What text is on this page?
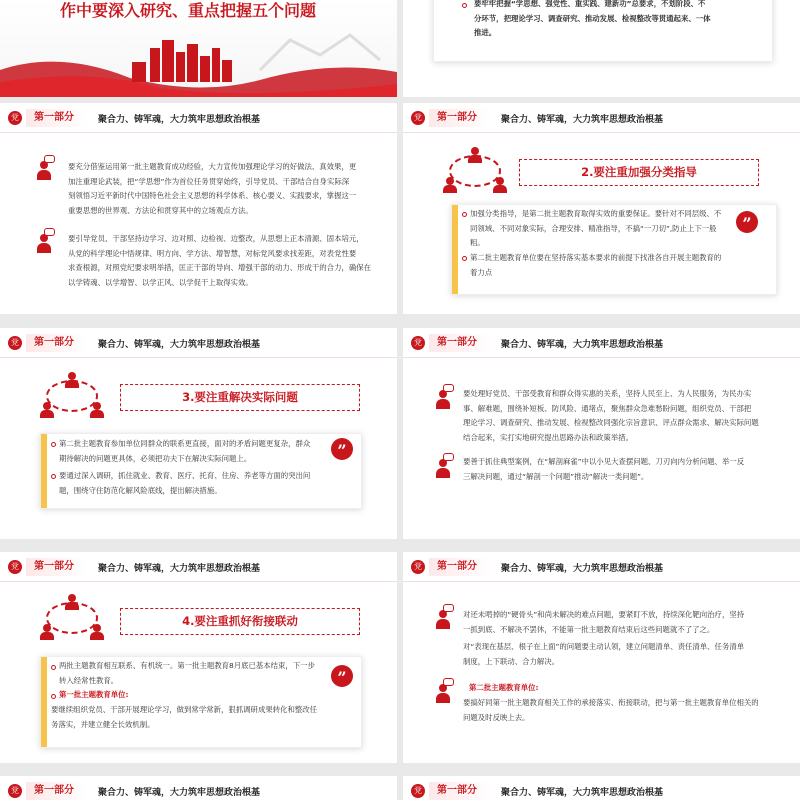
作中要深入研究、重点把握五个问题	要牢牢把握“学思想、强党性、重实践、建新功”总要求，不划阶段、不
分环节，把理论学习、调查研究、推动发展、检视整改等贯通起来、一体
推进。
党	第一部分	聚合力、铸军魂，大力筑牢思想政治根基
要充分借鉴运用第一批主题教育成功经验，大力宣传加强理论学习的好做法、真效果，更
加注重理论武装，把“学思想”作为首位任务贯穿始终，引导党员、干部结合自身实际深
刻领悟习近平新时代中国特色社会主义思想的科学体系、核心要义、实践要求，掌握这一
重要思想的世界观、方法论和贯穿其中的立场观点方法。
要引导党员、干部坚持边学习、边对照、边检视、边整改，从思想上正本清源、固本培元，
从党的科学理论中悟规律、明方向、学方法、增智慧，对标党风要求找差距，对表党性要
求查根源，对照党纪要求明举措，匡正干部的导向、增强干部的动力、形成干的合力，确保在
以学铸魂、以学增智、以学正风、以学促干上取得实效。
党	第一部分	聚合力、铸军魂，大力筑牢思想政治根基
2.要注重加强分类指导
加强分类指导，是第二批主题教育取得实效的重要保证。要针对不同层级、不
同领域、不同对象实际，合理安排、精准指导，不搞“一刀切”,防止上下一般
粗。
第二批主题教育单位要在坚持落实基本要求的前提下找准各自开展主题教育的
着力点
”
党	第一部分	聚合力、铸军魂，大力筑牢思想政治根基
3.要注重解决实际问题
第二批主题教育参加单位同群众的联系更直接，面对的矛盾问题更复杂，群众
期待解决的问题更具体，必须把功夫下在解决实际问题上。
要通过深入调研，抓住就业、教育、医疗、托育、住房、养老等方面的突出问
题，围绕守住防范化解风险底线，提出解决措施。
”
党	第一部分	聚合力、铸军魂，大力筑牢思想政治根基
要处理好党员、干部受教育和群众得实惠的关系，坚持人民至上、为人民服务，为民办实
事、解难题，围绕补短板、防风险、通堵点，聚焦群众急难愁盼问题，组织党员、干部把
理论学习、调查研究、推动发展、检视整改同强化宗旨意识、评点群众需求、解决实际问题
结合起来，实打实地研究提出思路办法和政策举措。
要善于抓住典型案例，在“解剖麻雀”中以小见大查摆问题、刀刃向内分析问题、举一反
三解决问题，通过“解剖一个问题”推动“解决一类问题”。
党	第一部分	聚合力、铸军魂，大力筑牢思想政治根基
4.要注重抓好衔接联动
两批主题教育相互联系、有机统一。第一批主题教育8月底已基本结束，下一步
转入经常性教育。
第一批主题教育单位:
要继续组织党员、干部开展理论学习，做到常学常新，狠抓调研成果转化和整改任
务落实，并建立健全长效机制。
”
党	第一部分	聚合力、铸军魂，大力筑牢思想政治根基
对还未啃掉的“硬骨头”和尚未解决的难点问题，要紧盯不放，持续深化靶向治疗，坚持
一抓到底、不解决不罢休，不能第一批主题教育结束后这些问题就不了了之。
对“表现在基层、根子在上面”的问题要主动认领，建立问题清单、责任清单、任务清单
制度，上下联动、合力解决。
第二批主题教育单位:
要搞好同第一批主题教育相关工作的承接落实、衔接联动，把与第一批主题教育单位相关的
问题及时反映上去。
党	第一部分	聚合力、铸军魂，大力筑牢思想政治根基	党	第一部分	聚合力、铸军魂，大力筑牢思想政治根基
